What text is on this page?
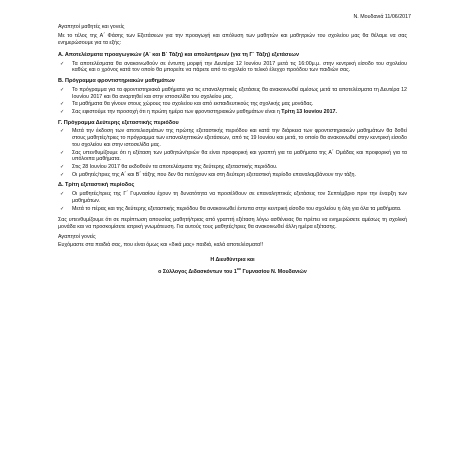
Ν. Μουδανιά 11/06/2017
Αγαπητοί μαθητές και γονείς
Με το τέλος της Α΄ Φάσης των Εξετάσεων για την προαγωγή και απόλυση των μαθητών και μαθητριών του σχολείου μας θα θέλαμε να σας ενημερώσουμε για τα εξής:
Α. Αποτελέσματα προαγωγικών (Α΄ και Β΄ Τάξη) και απολυτήριων (για τη Γ΄ Τάξη) εξετάσεων
✓ Τα αποτελέσματα θα ανακοινωθούν σε έντυπη μορφή την Δευτέρα 12 Ιουνίου 2017 μετά τις 16:00μ.μ. στην κεντρική είσοδο του σχολείου καθώς και ο χρόνος κατά τον οποίο θα μπορείτε να πάρετε από το σχολείο το τελικό έλεγχο προόδου των παιδιών σας.
Β. Πρόγραμμα φροντιστηριακών μαθημάτων
✓ Το πρόγραμμα για τα φροντιστηριακά μαθήματα για τις επαναληπτικές εξετάσεις θα ανακοινωθεί αμέσως μετά τα αποτελέσματα τη Δευτέρα 12 Ιουνίου 2017 και θα αναρτηθεί και στην ιστοσελίδα του σχολείου μας.
✓ Τα μαθήματα θα γίνουν στους χώρους του σχολείου και από εκπαιδευτικούς της σχολικής μας μονάδας.
✓ Σας εφιστούμε την προσοχή ότι η πρώτη ημέρα των φροντιστηριακών μαθημάτων είναι η Τρίτη 13 Ιουνίου 2017.
Γ. Πρόγραμμα Δεύτερης εξεταστικής περιόδου
✓ Μετά την έκδοση των αποτελεσμάτων της πρώτης εξεταστικής περιόδου και κατά την διάρκεια των φροντιστηριακών μαθημάτων θα δοθεί στους μαθητές/τριες το πρόγραμμα των επαναληπτικών εξετάσεων, από τις 19 Ιουνίου και μετά, το οποίο θα ανακοινωθεί στην κεντρική είσοδο του σχολείου και στην ιστοσελίδα μας.
✓ Σας υπενθυμίζουμε ότι η εξέταση των μαθητών/τριών θα είναι προφορική και γραπτή για τα μαθήματα της Α΄ Ομάδας και προφορική για τα υπόλοιπα μαθήματα.
✓ Στις 28 Ιουνίου 2017 θα εκδοθούν τα αποτελέσματα της δεύτερης εξεταστικής περιόδου.
✓ Οι μαθητές/τριες της Α΄ και Β΄ τάξης που δεν θα πετύχουν και στη δεύτερη εξεταστική περίοδο επαναλαμβάνουν την τάξη.
Δ. Τρίτη εξεταστική περίοδος
✓ Οι μαθητές/τριες της Γ΄ Γυμνασίου έχουν τη δυνατότητα να προσέλθουν σε επαναληπτικές εξετάσεις τον Σεπτέμβριο πριν την έναρξη των μαθημάτων.
✓ Μετά το πέρας και της δεύτερης εξεταστικής περιόδου θα ανακοινωθεί έντυπα στην κεντρική είσοδο του σχολείου η όλη για όλα τα μαθήματα.
Σας υπενθυμίζουμε ότι σε περίπτωση απουσίας μαθητή/τριας από γραπτή εξέταση λόγω ασθένειας θα πρέπει να ενημερώσετε αμέσως τη σχολική μονάδα και να προσκομίσετε ιατρική γνωμάτευση. Για αυτούς τους μαθητές/τριες θα ανακοινωθεί άλλη ημέρα εξέτασης.
Αγαπητοί γονείς
Ευχόμαστε στα παιδιά σας, που είναι όμως και «δικά μας» παιδιά, καλά αποτελέσματα!!
Η Διευθύντρια και
ο Σύλλογος Διδασκόντων του $1^{o\upsilon}$ Γυμνασίου Ν. Μουδανιών
